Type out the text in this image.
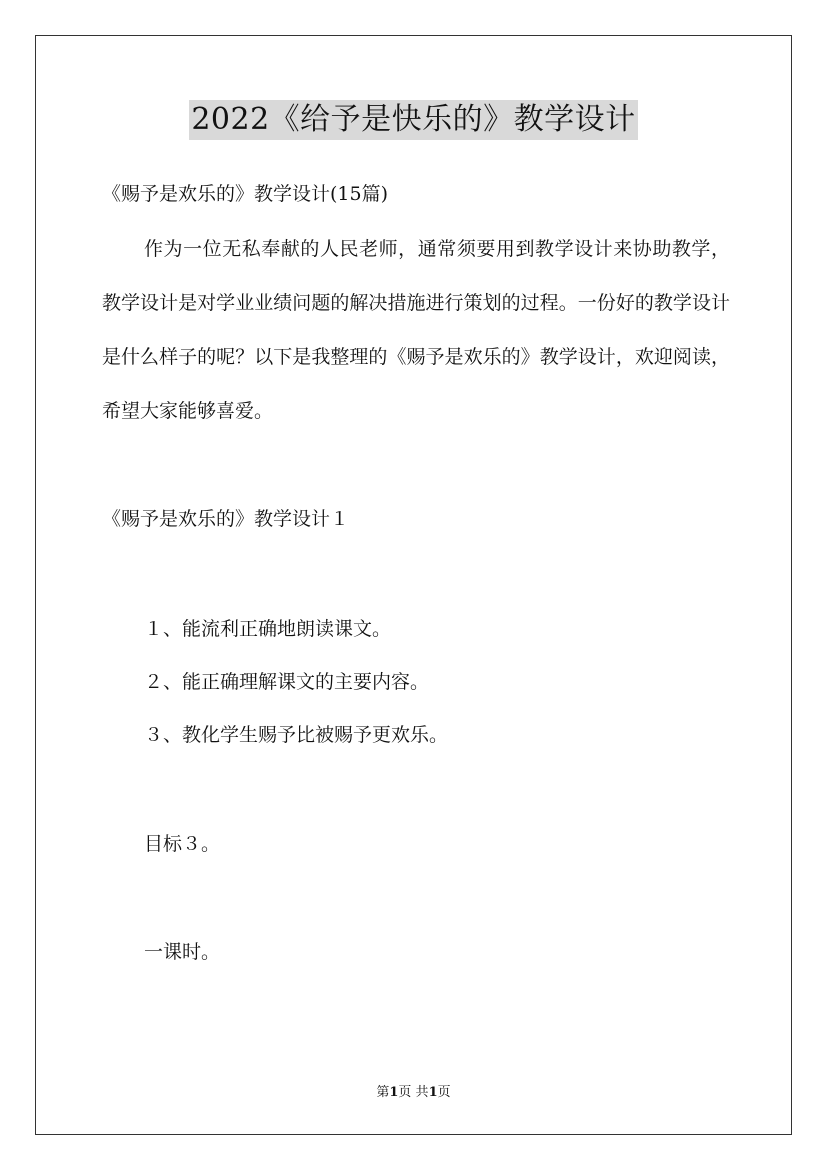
2022《给予是快乐的》教学设计
《赐予是欢乐的》教学设计(15篇)

作为一位无私奉献的人民老师，通常须要用到教学设计来协助教学，教学设计是对学业业绩问题的解决措施进行策划的过程。一份好的教学设计是什么样子的呢？以下是我整理的《赐予是欢乐的》教学设计，欢迎阅读，希望大家能够喜爱。

《赐予是欢乐的》教学设计１
１、能流利正确地朗读课文。
２、能正确理解课文的主要内容。
３、教化学生赐予比被赐予更欢乐。
目标３。
一课时。
第1页 共1页
